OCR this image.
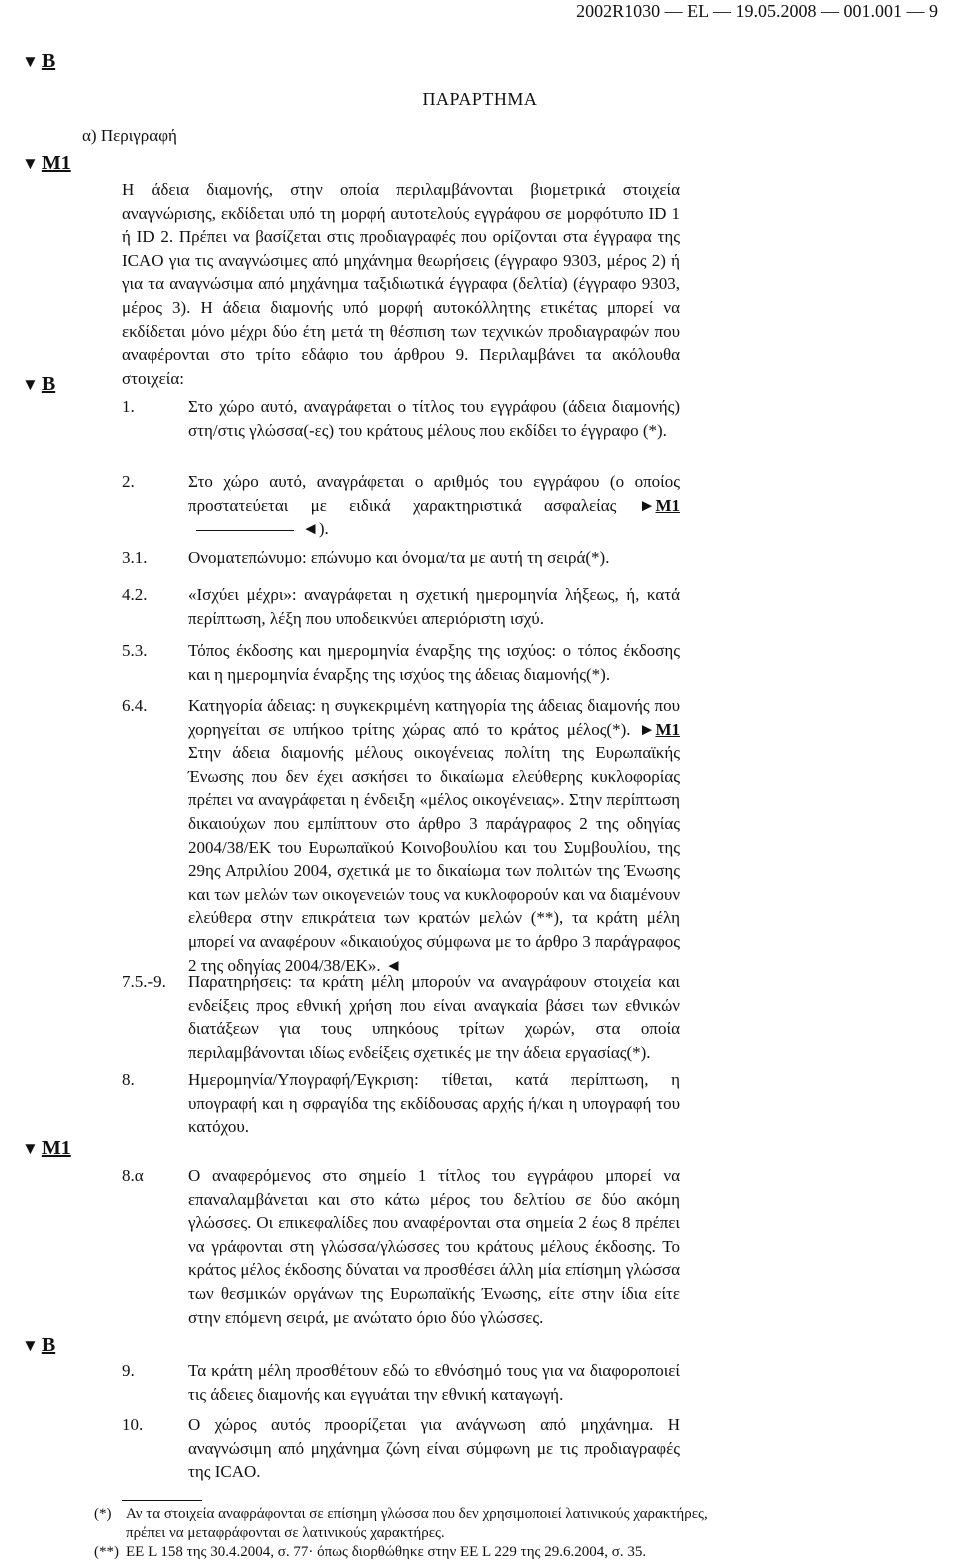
2002R1030 — EL — 19.05.2008 — 001.001 — 9
▼ B
▼ M1
▼ B
▼ M1
▼ B
ΠΑΡΑΡΤΗΜΑ
α) Περιγραφή
Η άδεια διαμονής, στην οποία περιλαμβάνονται βιομετρικά στοιχεία αναγνώρισης, εκδίδεται υπό τη μορφή αυτοτελούς εγγράφου σε μορφότυπο ID 1 ή ID 2. Πρέπει να βασίζεται στις προδιαγραφές που ορίζονται στα έγγραφα της ICAO για τις αναγνώσιμες από μηχάνημα θεωρήσεις (έγγραφο 9303, μέρος 2) ή για τα αναγνώσιμα από μηχάνημα ταξιδιωτικά έγγραφα (δελτία) (έγγραφο 9303, μέρος 3). Η άδεια διαμονής υπό μορφή αυτοκόλλητης ετικέτας μπορεί να εκδίδεται μόνο μέχρι δύο έτη μετά τη θέσπιση των τεχνικών προδιαγραφών που αναφέρονται στο τρίτο εδάφιο του άρθρου 9. Περιλαμβάνει τα ακόλουθα στοιχεία:
1.	Στο χώρο αυτό, αναγράφεται ο τίτλος του εγγράφου (άδεια διαμονής) στη/στις γλώσσα(-ες) του κράτους μέλους που εκδίδει το έγγραφο (*).
2.	Στο χώρο αυτό, αναγράφεται ο αριθμός του εγγράφου (ο οποίος προστατεύεται με ειδικά χαρακτηριστικά ασφαλείας ►M1◄).
3.1. Ονοματεπώνυμο: επώνυμο και όνομα/τα με αυτή τη σειρά(*).
4.2. «Ισχύει μέχρι»: αναγράφεται η σχετική ημερομηνία λήξεως, ή, κατά περίπτωση, λέξη που υποδεικνύει απεριόριστη ισχύ.
5.3. Τόπος έκδοσης και ημερομηνία έναρξης της ισχύος: ο τόπος έκδοσης και η ημερομηνία έναρξης της ισχύος της άδειας διαμονής(*).
6.4. Κατηγορία άδειας: η συγκεκριμένη κατηγορία της άδειας διαμονής που χορηγείται σε υπήκοο τρίτης χώρας από το κράτος μέλος(*). ►M1 Στην άδεια διαμονής μέλους οικογένειας πολίτη της Ευρωπαϊκής Ένωσης που δεν έχει ασκήσει το δικαίωμα ελεύθερης κυκλοφορίας πρέπει να αναγράφεται η ένδειξη «μέλος οικογένειας». Στην περίπτωση δικαιούχων που εμπίπτουν στο άρθρο 3 παράγραφος 2 της οδηγίας 2004/38/ΕΚ του Ευρωπαϊκού Κοινοβουλίου και του Συμβουλίου, της 29ης Απριλίου 2004, σχετικά με το δικαίωμα των πολιτών της Ένωσης και των μελών των οικογενειών τους να κυκλοφορούν και να διαμένουν ελεύθερα στην επικράτεια των κρατών μελών (**), τα κράτη μέλη μπορεί να αναφέρουν «δικαιούχος σύμφωνα με το άρθρο 3 παράγραφος 2 της οδηγίας 2004/38/ΕΚ». ◄
7.5.-9. Παρατηρήσεις: τα κράτη μέλη μπορούν να αναγράφουν στοιχεία και ενδείξεις προς εθνική χρήση που είναι αναγκαία βάσει των εθνικών διατάξεων για τους υπηκόους τρίτων χωρών, στα οποία περιλαμβάνονται ιδίως ενδείξεις σχετικές με την άδεια εργασίας(*).
8.	Ημερομηνία/Υπογραφή/Έγκριση: τίθεται, κατά περίπτωση, η υπογραφή και η σφραγίδα της εκδίδουσας αρχής ή/και η υπογραφή του κατόχου.
8.α	Ο αναφερόμενος στο σημείο 1 τίτλος του εγγράφου μπορεί να επαναλαμβάνεται και στο κάτω μέρος του δελτίου σε δύο ακόμη γλώσσες. Οι επικεφαλίδες που αναφέρονται στα σημεία 2 έως 8 πρέπει να γράφονται στη γλώσσα/γλώσσες του κράτους μέλους έκδοσης. Το κράτος μέλος έκδοσης δύναται να προσθέσει άλλη μία επίσημη γλώσσα των θεσμικών οργάνων της Ευρωπαϊκής Ένωσης, είτε στην ίδια είτε στην επόμενη σειρά, με ανώτατο όριο δύο γλώσσες.
9.	Τα κράτη μέλη προσθέτουν εδώ το εθνόσημό τους για να διαφοροποιεί τις άδειες διαμονής και εγγυάται την εθνική καταγωγή.
10.	Ο χώρος αυτός προορίζεται για ανάγνωση από μηχάνημα. Η αναγνώσιμη από μηχάνημα ζώνη είναι σύμφωνη με τις προδιαγραφές της ICAO.
(*) Αν τα στοιχεία αναφράφονται σε επίσημη γλώσσα που δεν χρησιμοποιεί λατινικούς χαρακτήρες, πρέπει να μεταφράφονται σε λατινικούς χαρακτήρες.
(**) ΕΕ L 158 της 30.4.2004, σ. 77· όπως διορθώθηκε στην ΕΕ L 229 της 29.6.2004, σ. 35.
